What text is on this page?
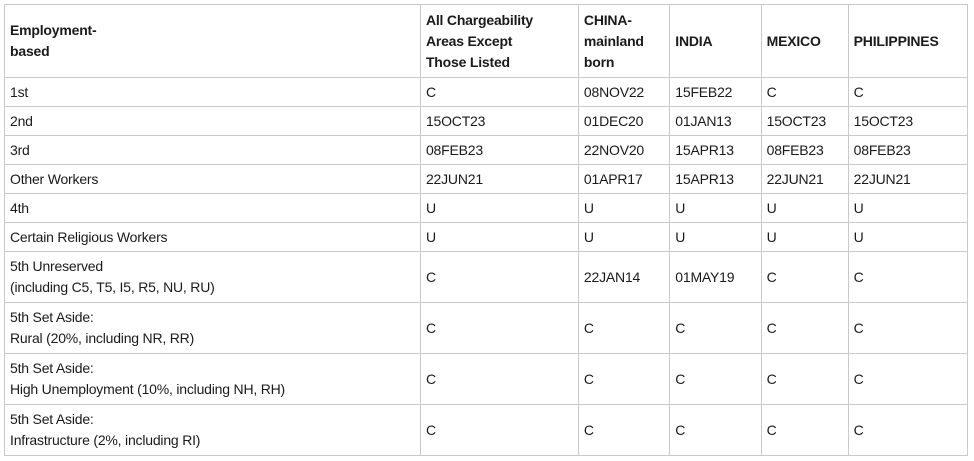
Employment-
based	All Chargeability
Areas Except
Those Listed	CHINA-
mainland
born	INDIA	MEXICO	PHILIPPINES

1st	C	08NOV22	15FEB22	C	C

2nd	15OCT23	01DEC20	01JAN13	15OCT23	15OCT23

3rd	08FEB23	22NOV20	15APR13	08FEB23	08FEB23

Other Workers	22JUN21	01APR17	15APR13	22JUN21	22JUN21

4th	U	U	U	U	U

Certain Religious Workers	U	U	U	U	U

5th Unreserved
(including C5, T5, I5, R5, NU, RU)	C	22JAN14	01MAY19	C	C

5th Set Aside:
Rural (20%, including NR, RR)	C	C	C	C	C

5th Set Aside:
High Unemployment (10%, including NH, RH)	C	C	C	C	C

5th Set Aside:
Infrastructure (2%, including RI)	C	C	C	C	C
